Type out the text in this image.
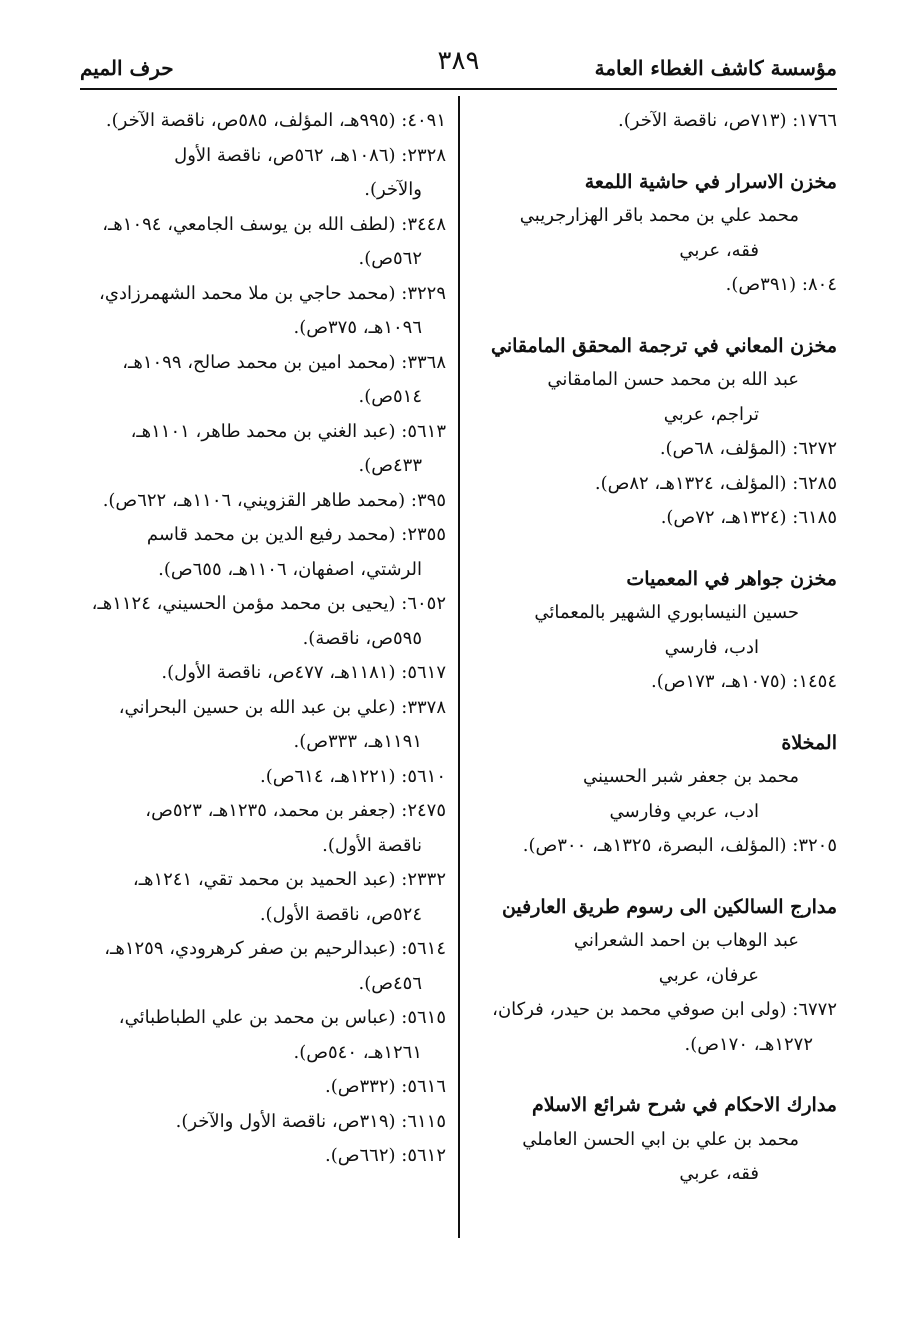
مؤسسة كاشف الغطاء العامة
٣٨٩
حرف الميم
١٧٦٦: (٧١٣ص، ناقصة الآخر).
مخزن الاسرار في حاشية اللمعة
محمد علي بن محمد باقر الهزارجريبي
فقه، عربي
٨٠٤: (٣٩١ص).
مخزن المعاني في ترجمة المحقق المامقاني
عبد الله بن محمد حسن المامقاني
تراجم، عربي
٦٢٧٢: (المؤلف، ٦٨ص).
٦٢٨٥: (المؤلف، ١٣٢٤هـ، ٨٢ص).
٦١٨٥: (١٣٢٤هـ، ٧٢ص).
مخزن جواهر في المعميات
حسين النيسابوري الشهير بالمعمائي
ادب، فارسي
١٤٥٤: (١٠٧٥هـ، ١٧٣ص).
المخلاة
محمد بن جعفر شبر الحسيني
ادب، عربي وفارسي
٣٢٠٥: (المؤلف، البصرة، ١٣٢٥هـ، ٣٠٠ص).
مدارج السالكين الى رسوم طريق العارفين
عبد الوهاب بن احمد الشعراني
عرفان، عربي
٦٧٧٢: (ولى ابن صوفي محمد بن حيدر، فركان،
١٢٧٢هـ، ١٧٠ص).
مدارك الاحكام في شرح شرائع الاسلام
محمد بن علي بن ابي الحسن العاملي
فقه، عربي
٤٠٩١: (٩٩٥هـ، المؤلف، ٥٨٥ص، ناقصة الآخر).
٢٣٢٨: (١٠٨٦هـ، ٥٦٢ص، ناقصة الأول
والآخر).
٣٤٤٨: (لطف الله بن يوسف الجامعي، ١٠٩٤هـ،
٥٦٢ص).
٣٢٢٩: (محمد حاجي بن ملا محمد الشهمرزادي،
١٠٩٦هـ، ٣٧٥ص).
٣٣٦٨: (محمد امين بن محمد صالح، ١٠٩٩هـ،
٥١٤ص).
٥٦١٣: (عبد الغني بن محمد طاهر، ١١٠١هـ،
٤٣٣ص).
٣٩٥: (محمد طاهر القزويني، ١١٠٦هـ، ٦٢٢ص).
٢٣٥٥: (محمد رفيع الدين بن محمد قاسم
الرشتي، اصفهان، ١١٠٦هـ، ٦٥٥ص).
٦٠٥٢: (يحيى بن محمد مؤمن الحسيني، ١١٢٤هـ،
٥٩٥ص، ناقصة).
٥٦١٧: (١١٨١هـ، ٤٧٧ص، ناقصة الأول).
٣٣٧٨: (علي بن عبد الله بن حسين البحراني،
١١٩١هـ، ٣٣٣ص).
٥٦١٠: (١٢٢١هـ، ٦١٤ص).
٢٤٧٥: (جعفر بن محمد، ١٢٣٥هـ، ٥٢٣ص،
ناقصة الأول).
٢٣٣٢: (عبد الحميد بن محمد تقي، ١٢٤١هـ،
٥٢٤ص، ناقصة الأول).
٥٦١٤: (عبدالرحيم بن صفر كرهرودي، ١٢٥٩هـ،
٤٥٦ص).
٥٦١٥: (عباس بن محمد بن علي الطباطبائي،
١٢٦١هـ، ٥٤٠ص).
٥٦١٦: (٣٣٢ص).
٦١١٥: (٣١٩ص، ناقصة الأول والآخر).
٥٦١٢: (٦٦٢ص).
